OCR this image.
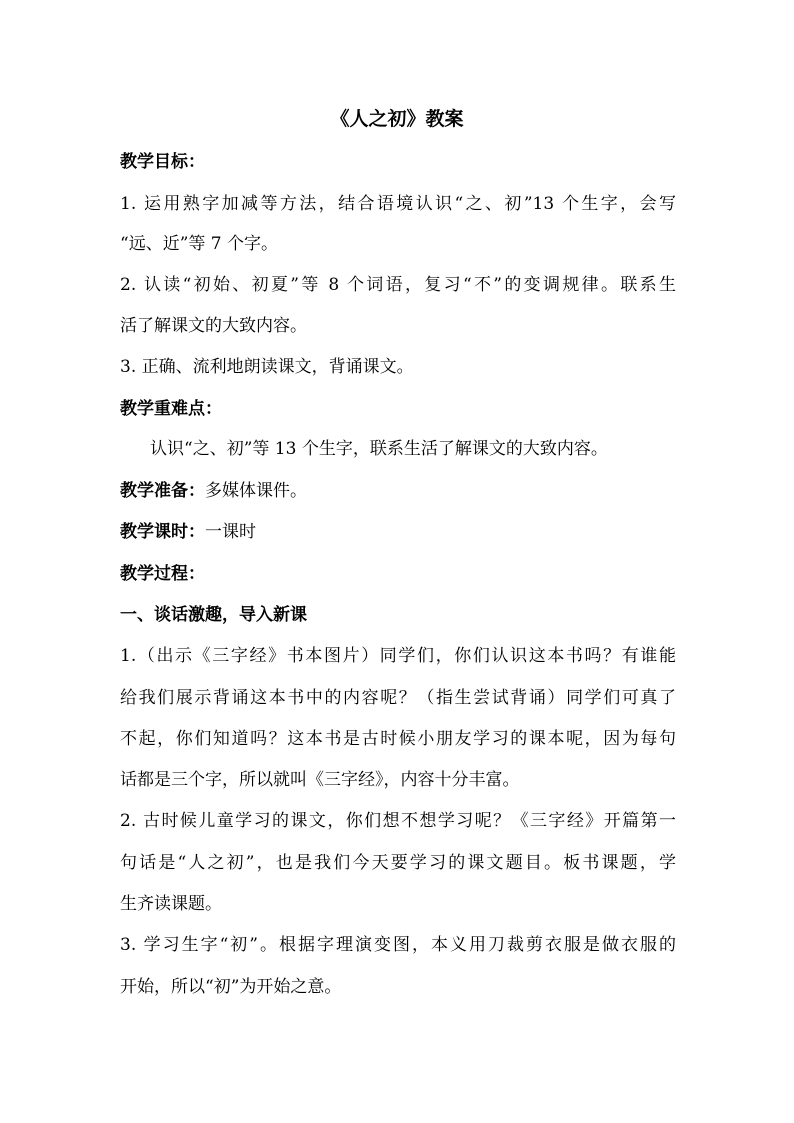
《人之初》教案
教学目标：
1. 运用熟字加减等方法，结合语境认识“之、初”13 个生字，会写
“远、近”等 7 个字。
2. 认读“初始、初夏”等 8 个词语，复习“不”的变调规律。联系生
活了解课文的大致内容。
3. 正确、流利地朗读课文，背诵课文。
教学重难点：
认识“之、初”等 13 个生字，联系生活了解课文的大致内容。
教学准备：多媒体课件。
教学课时：一课时
教学过程：
一、谈话激趣，导入新课
1.（出示《三字经》书本图片）同学们，你们认识这本书吗？有谁能
给我们展示背诵这本书中的内容呢？（指生尝试背诵）同学们可真了
不起，你们知道吗？这本书是古时候小朋友学习的课本呢，因为每句
话都是三个字，所以就叫《三字经》，内容十分丰富。
2. 古时候儿童学习的课文，你们想不想学习呢？《三字经》开篇第一
句话是“人之初”，也是我们今天要学习的课文题目。板书课题，学
生齐读课题。
3. 学习生字“初”。根据字理演变图，本义用刀裁剪衣服是做衣服的
开始，所以“初”为开始之意。
